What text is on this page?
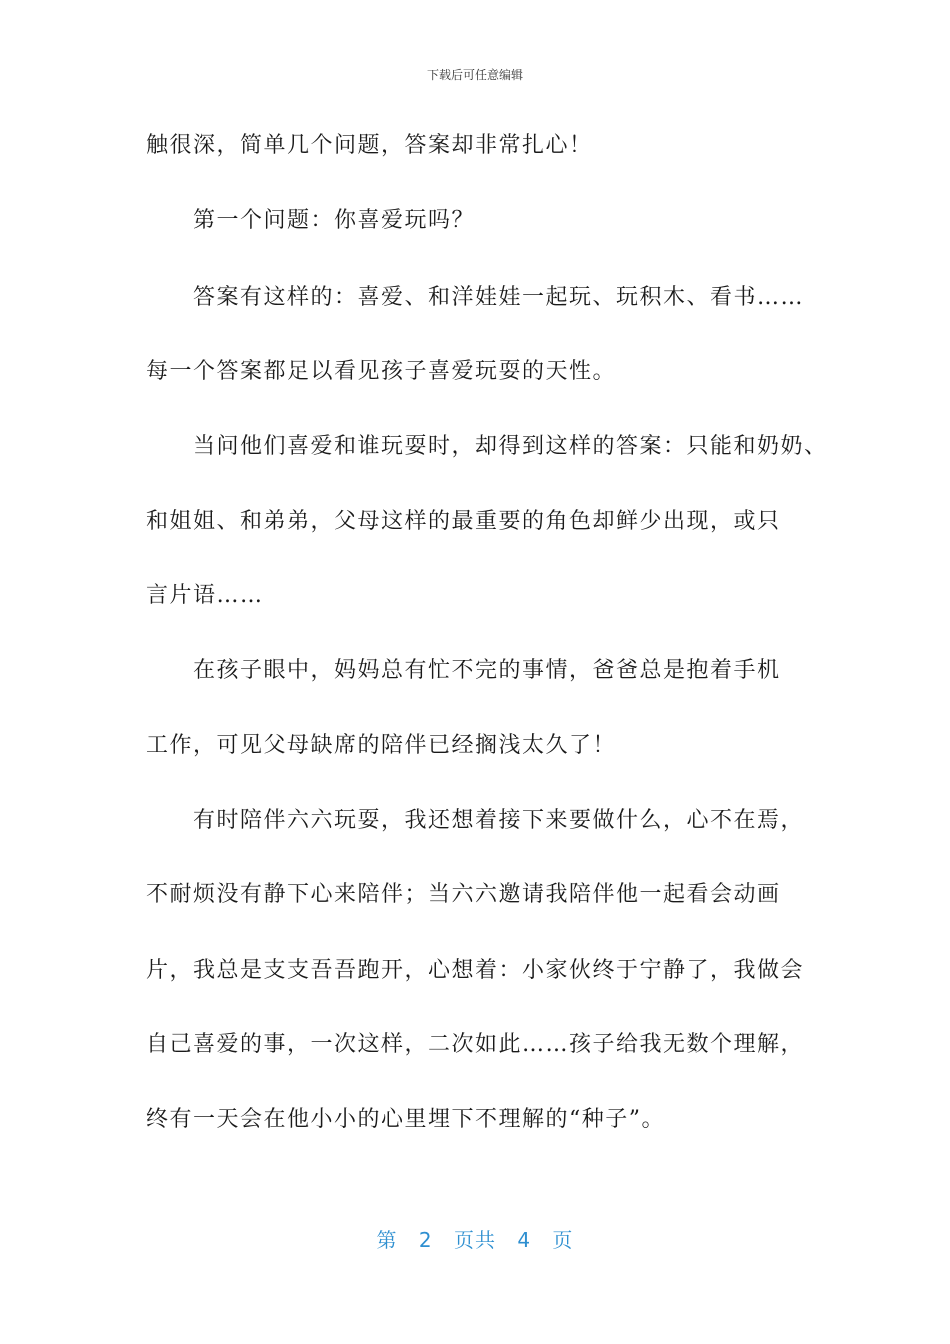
下载后可任意编辑
触很深，简单几个问题，答案却非常扎心！
第一个问题：你喜爱玩吗？
答案有这样的：喜爱、和洋娃娃一起玩、玩积木、看书……
每一个答案都足以看见孩子喜爱玩耍的天性。
当问他们喜爱和谁玩耍时，却得到这样的答案：只能和奶奶、
和姐姐、和弟弟，父母这样的最重要的角色却鲜少出现，或只
言片语……
在孩子眼中，妈妈总有忙不完的事情，爸爸总是抱着手机
工作，可见父母缺席的陪伴已经搁浅太久了！
有时陪伴六六玩耍，我还想着接下来要做什么，心不在焉，
不耐烦没有静下心来陪伴；当六六邀请我陪伴他一起看会动画
片，我总是支支吾吾跑开，心想着：小家伙终于宁静了，我做会
自己喜爱的事，一次这样，二次如此……孩子给我无数个理解，
终有一天会在他小小的心里埋下不理解的“种子”。
第 2 页共 4 页
